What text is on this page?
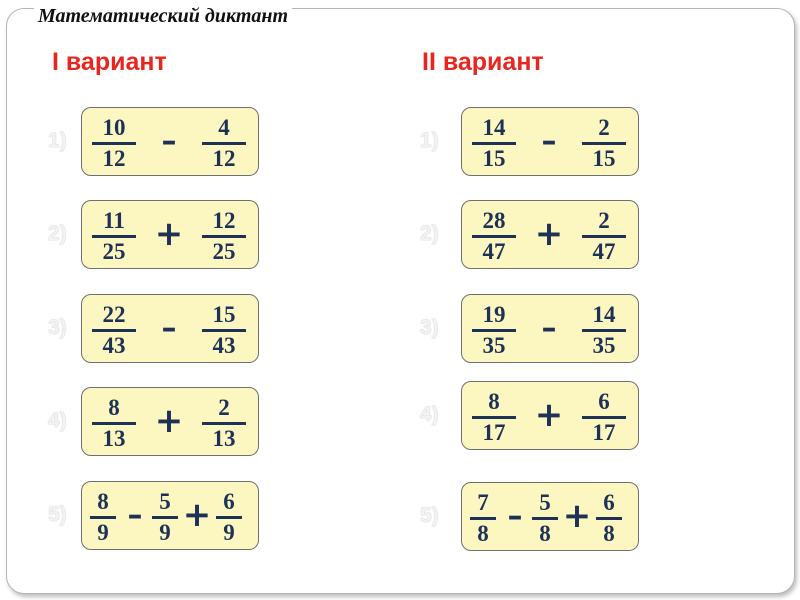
Математический диктант
I вариант	II вариант
1)
10
12	–	4
12
2)
11
25 +	12
25
3)
22
43	–	15
43
4)
8
13 +	2
13
5)
8
9 – 5
9 + 6
9
1)
14
15	–	2
15
2)
28
47 +	2
47
3)
19
35	–	14
35
4)
8
17 +	6
17
5)
7
8 – 5
8 + 6
8
